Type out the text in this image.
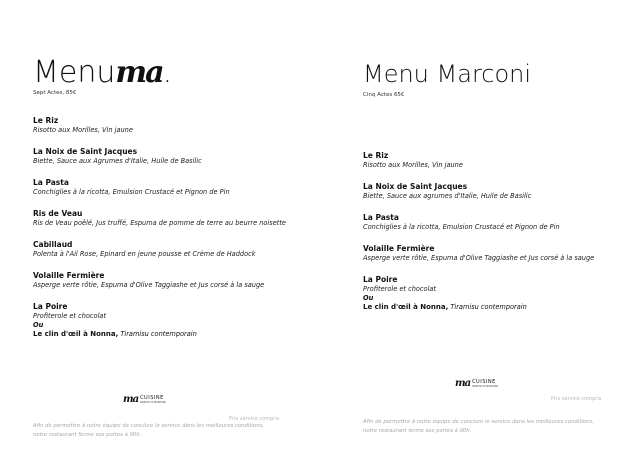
Menuma.
Sept Actes, 85€
Le Riz
Risotto aux Morilles, Vin jaune
La Noix de Saint Jacques
Biette, Sauce aux Agrumes d'Italie, Huile de Basilic
La Pasta
Conchiglies à la ricotta, Emulsion Crustacé et Pignon de Pin
Ris de Veau
Ris de Veau poêlé, Jus truffé, Espuma de pomme de terre au beurre noisette
Cabillaud
Polenta à l'Ail Rose, Epinard en jeune pousse et Crème de Haddock
Volaille Fermière
Asperge verte rôtie, Espuma d'Olive Taggiashe et Jus corsé à la sauge
La Poire
Profiterole et chocolat
Ou
Le clin d'œil à Nonna, Tiramisu contemporain
ma CUISINE
SPIRITO DI MARCONI
Prix service compris
Afin de permettre à notre équipe de conclure le service dans les meilleures conditions,
notre restaurant ferme ses portes à 00h.
Menu Marconi
Cinq Actes 65€
Le Riz
Risotto aux Morilles, Vin jaune
La Noix de Saint Jacques
Biette, Sauce aux agrumes d'Italie, Huile de Basilic
La Pasta
Conchiglies à la ricotta, Emulsion Crustacé et Pignon de Pin
Volaille Fermière
Asperge verte rôtie, Espuma d'Olive Taggiashe et Jus corsé à la sauge
La Poire
Profiterole et chocolat
Ou
Le clin d'œil à Nonna, Tiramisu contemporain
ma CUISINE
SPIRITO DI MARCONI
Prix service compris
Afin de permettre à notre équipe de conclure le service dans les meilleures conditions,
notre restaurant ferme ses portes à 00h.
